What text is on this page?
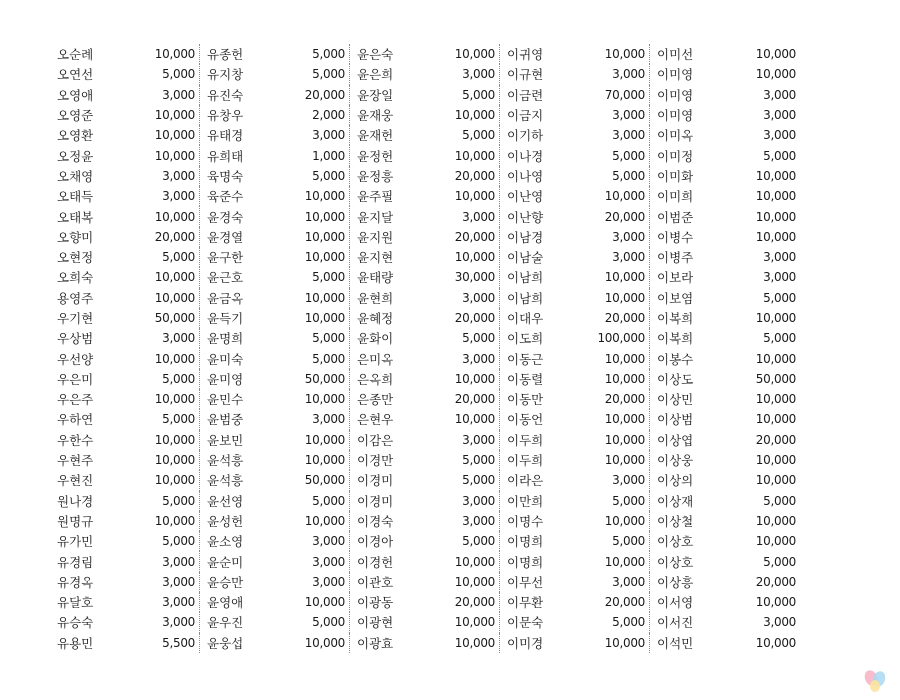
오순례	10,000 유종헌	5,000 윤은숙	10,000 이귀영	10,000 이미선	10,000
오연선	5,000 유지창	5,000 윤은희	3,000 이규현	3,000 이미영	10,000
오영애	3,000 유진숙	20,000 윤장일	5,000 이금련	70,000 이미영	3,000
오영준	10,000 유창우	2,000 윤재웅	10,000 이금지	3,000 이미영	3,000
오영환	10,000 유태경	3,000 윤재헌	5,000 이기하	3,000 이미옥	3,000
오정윤	10,000 유희태	1,000 윤정헌	10,000 이나경	5,000 이미정	5,000
오채영	3,000 육명숙	5,000 윤정흥	20,000 이나영	5,000 이미화	10,000
오태득	3,000 육준수	10,000 윤주필	10,000 이난영	10,000 이미희	10,000
오태복	10,000 윤경숙	10,000 윤지달	3,000 이난향	20,000 이범준	10,000
오향미	20,000 윤경열	10,000 윤지원	20,000 이남경	3,000 이병수	10,000
오현정	5,000 윤구한	10,000 윤지현	10,000 이남술	3,000 이병주	3,000
오희숙	10,000 윤근호	5,000 윤태량	30,000 이남희	10,000 이보라	3,000
용영주	10,000 윤금옥	10,000 윤현희	3,000 이남희	10,000 이보염	5,000
우기현	50,000 윤득기	10,000 윤혜정	20,000 이대우	20,000 이복희	10,000
우상범	3,000 윤명희	5,000 윤화이	5,000 이도희	100,000 이복희	5,000
우선양	10,000 윤미숙	5,000 은미옥	3,000 이동근	10,000 이봉수	10,000
우은미	5,000 윤미영	50,000 은옥희	10,000 이동렬	10,000 이상도	50,000
우은주	10,000 윤민수	10,000 은종만	20,000 이동만	20,000 이상민	10,000
우하연	5,000 윤범중	3,000 은현우	10,000 이동언	10,000 이상범	10,000
우한수	10,000 윤보민	10,000 이감은	3,000 이두희	10,000 이상엽	20,000
우현주	10,000 윤석흥	10,000 이경만	5,000 이두희	10,000 이상웅	10,000
우현진	10,000 윤석흥	50,000 이경미	5,000 이라은	3,000 이상의	10,000
원나경	5,000 윤선영	5,000 이경미	3,000 이만희	5,000 이상재	5,000
원명규	10,000 윤성헌	10,000 이경숙	3,000 이명수	10,000 이상철	10,000
유가민	5,000 윤소영	3,000 이경아	5,000 이명희	5,000 이상호	10,000
유경림	3,000 윤순미	3,000 이경헌	10,000 이명희	10,000 이상호	5,000
유경옥	3,000 윤승만	3,000 이관호	10,000 이무선	3,000 이상흥	20,000
유달호	3,000 윤영애	10,000 이광동	20,000 이무환	20,000 이서영	10,000
유승숙	3,000 윤우진	5,000 이광현	10,000 이문숙	5,000 이서진	3,000
유용민	5,500 윤웅섭	10,000 이광효	10,000 이미경	10,000 이석민	10,000
